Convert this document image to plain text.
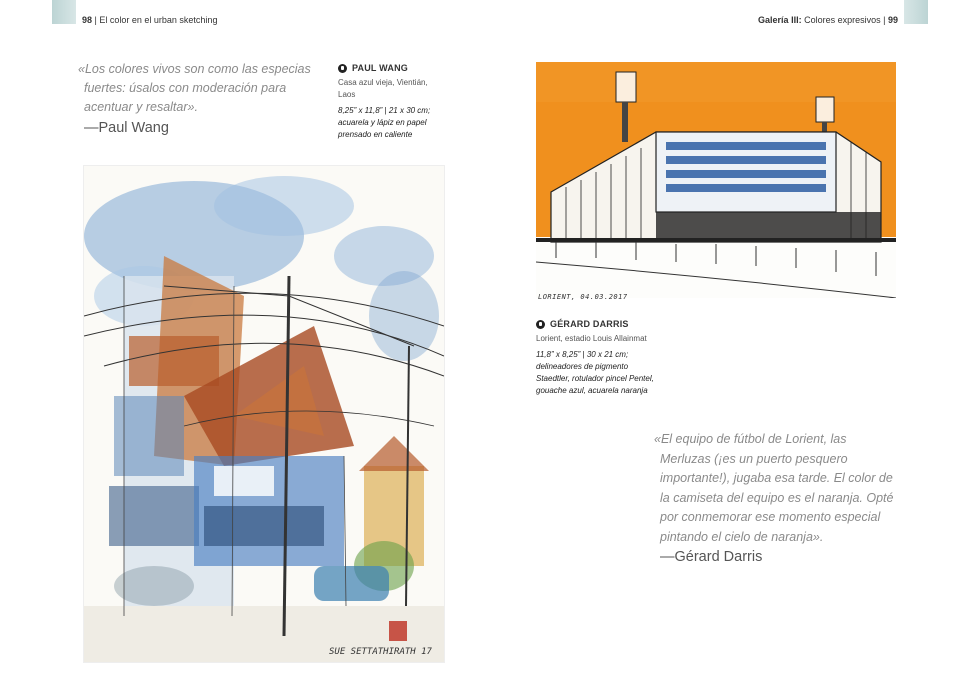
98 | El color en el urban sketching	Galería III: Colores expresivos | 99
«Los colores vivos son como las especias
fuertes: úsalos con moderación para
acentuar y resaltar».
—Paul Wang
PAUL WANG
Casa azul vieja, Vientián,
Laos
8,25” x 11,8” | 21 x 30 cm;
acuarela y lápiz en papel
prensado en caliente
SUE SETTATHIRATH 17
LORIENT, 04.03.2017
GÉRARD DARRIS
Lorient, estadio Louis Allainmat
11,8” x 8,25” | 30 x 21 cm;
delineadores de pigmento
Staedtler, rotulador pincel Pentel,
gouache azul, acuarela naranja
«El equipo de fútbol de Lorient, las
Merluzas (¡es un puerto pesquero
importante!), jugaba esa tarde. El color de
la camiseta del equipo es el naranja. Opté
por conmemorar ese momento especial
pintando el cielo de naranja».
—Gérard Darris
